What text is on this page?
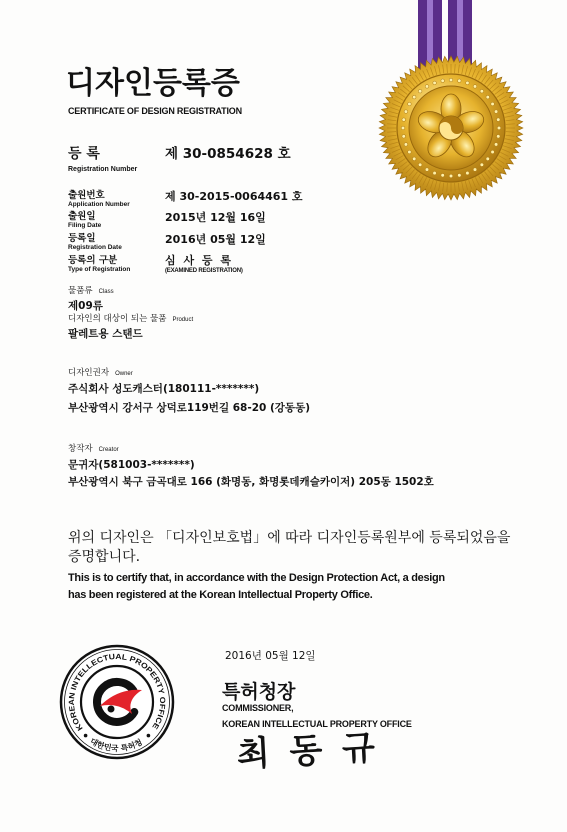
KOREAN INTELLECTUAL PROPERTY OFFICE
대한민국 특허청
디자인등록증
CERTIFICATE OF DESIGN REGISTRATION
등 록
Registration Number
제 30-0854628 호
출원번호
Application Number
제 30-2015-0064461 호
출원일
Filing Date
2015년 12월 16일
등록일
Registration Date
2016년 05월 12일
등록의 구분
Type of Registration
심 사 등 록
(EXAMINED REGISTRATION)
물품류 Class
제09류
디자인의 대상이 되는 물품 Product
팔레트용 스탠드
디자인권자 Owner
주식회사 성도캐스터(180111-*******)
부산광역시 강서구 상덕로119번길 68-20 (강동동)
창작자 Creator
문귀자(581003-*******)
부산광역시 북구 금곡대로 166 (화명동, 화명롯데캐슬카이저) 205동 1502호
위의 디자인은 「디자인보호법」에 따라 디자인등록원부에 등록되었음을
증명합니다.
This is to certify that, in accordance with the Design Protection Act, a design
has been registered at the Korean Intellectual Property Office.
2016년 05월 12일
특허청장
COMMISSIONER,
KOREAN INTELLECTUAL PROPERTY OFFICE
최 동 규
